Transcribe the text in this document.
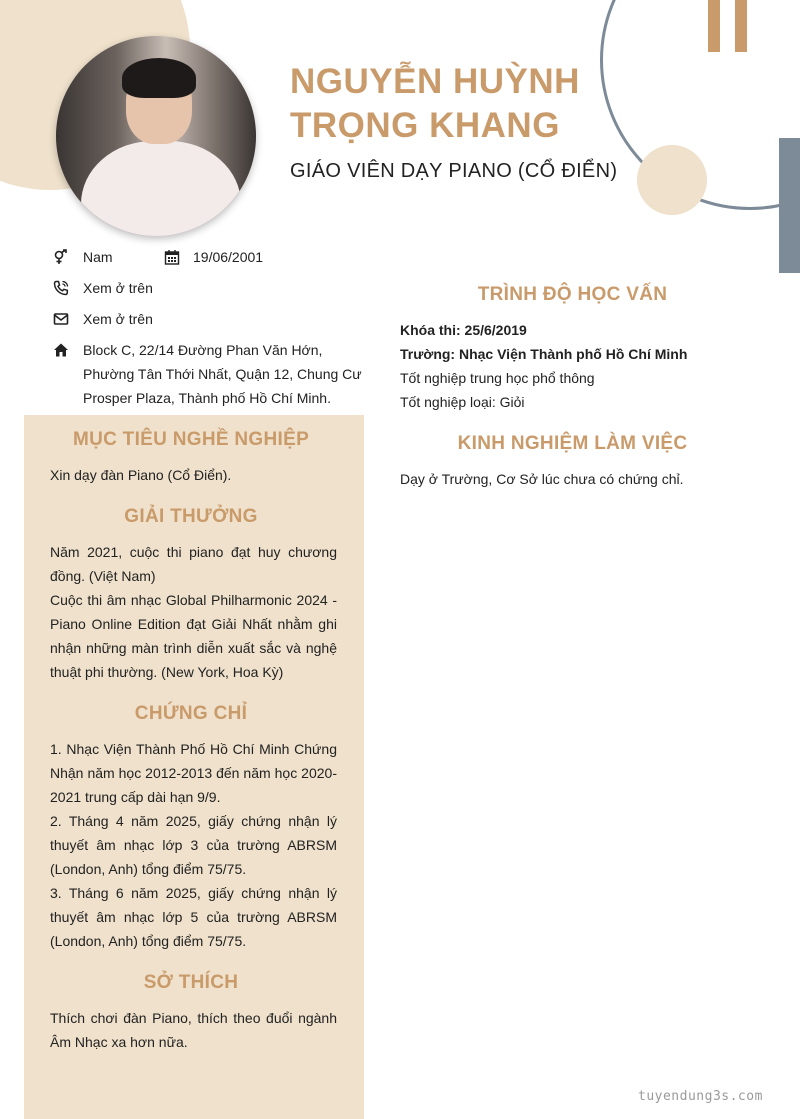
NGUYỄN HUỲNH
TRỌNG KHANG
GIÁO VIÊN DẠY PIANO (CỔ ĐIỂN)
Nam	19/06/2001
Xem ở trên
Xem ở trên
Block C, 22/14 Đường Phan Văn Hớn, Phường Tân Thới Nhất, Quận 12, Chung Cư Prosper Plaza, Thành phố Hồ Chí Minh.
MỤC TIÊU NGHỀ NGHIỆP
Xin dạy đàn Piano (Cổ Điển).
GIẢI THƯỞNG

Năm 2021, cuộc thi piano đạt huy chương đồng. (Việt Nam)

Cuộc thi âm nhạc Global Philharmonic 2024 - Piano Online Edition đạt Giải Nhất nhằm ghi nhận những màn trình diễn xuất sắc và nghệ thuật phi thường. (New York, Hoa Kỳ)

CHỨNG CHỈ

1. Nhạc Viện Thành Phố Hồ Chí Minh Chứng Nhận năm học 2012-2013 đến năm học 2020-2021 trung cấp dài hạn 9/9.

2. Tháng 4 năm 2025, giấy chứng nhận lý thuyết âm nhạc lớp 3 của trường ABRSM (London, Anh) tổng điểm 75/75.

3. Tháng 6 năm 2025, giấy chứng nhận lý thuyết âm nhạc lớp 5 của trường ABRSM (London, Anh) tổng điểm 75/75.

SỞ THÍCH
Thích chơi đàn Piano, thích theo đuổi ngành Âm Nhạc xa hơn nữa.
TRÌNH ĐỘ HỌC VẤN

Khóa thi: 25/6/2019

Trường: Nhạc Viện Thành phố Hồ Chí Minh

Tốt nghiệp trung học phổ thông

Tốt nghiệp loại: Giỏi

KINH NGHIỆM LÀM VIỆC
Dạy ở Trường, Cơ Sở lúc chưa có chứng chỉ.
tuyendung3s.com
